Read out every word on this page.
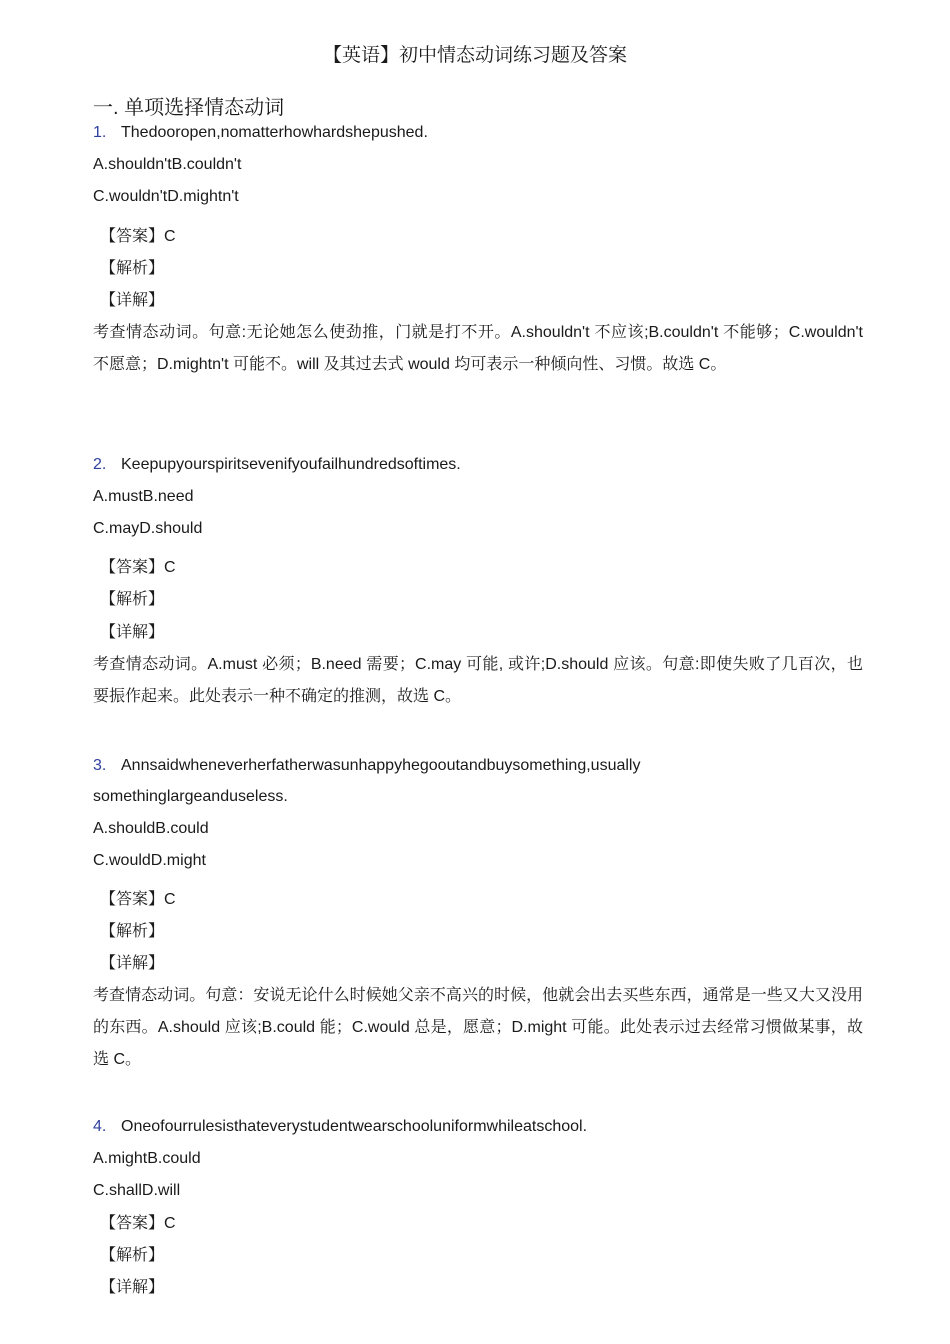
【英语】初中情态动词练习题及答案
一. 单项选择情态动词
1. Thedooropen,nomatterhowhardshepushed.
A.shouldn'tB.couldn't
C.wouldn'tD.mightn't
【答案】C
【解析】
【详解】
考查情态动词。句意:无论她怎么使劲推，门就是打不开。A.shouldn't 不应该;B.couldn't 不能够；C.wouldn't 不愿意；D.mightn't 可能不。will 及其过去式 would 均可表示一种倾向性、习惯。故选 C。
2. Keepupyourspiritsevenifyoufailhundredsoftimes.
A.mustB.need
C.mayD.should
【答案】C
【解析】
【详解】
考查情态动词。A.must 必须；B.need 需要；C.may 可能, 或许;D.should 应该。句意:即使失败了几百次，也要振作起来。此处表示一种不确定的推测，故选 C。
3. Annsaidwheneverherfatherwasunhappyhegooutandbuysomething,usually
somethinglargeanduseless.
A.shouldB.could
C.wouldD.might
【答案】C
【解析】
【详解】
考查情态动词。句意：安说无论什么时候她父亲不高兴的时候，他就会出去买些东西，通常是一些又大又没用的东西。A.should 应该;B.could 能；C.would 总是，愿意；D.might 可能。此处表示过去经常习惯做某事，故选 C。
4. Oneofourrulesisthateverystudentwearschooluniformwhileatschool.
A.mightB.could
C.shallD.will
【答案】C
【解析】
【详解】
